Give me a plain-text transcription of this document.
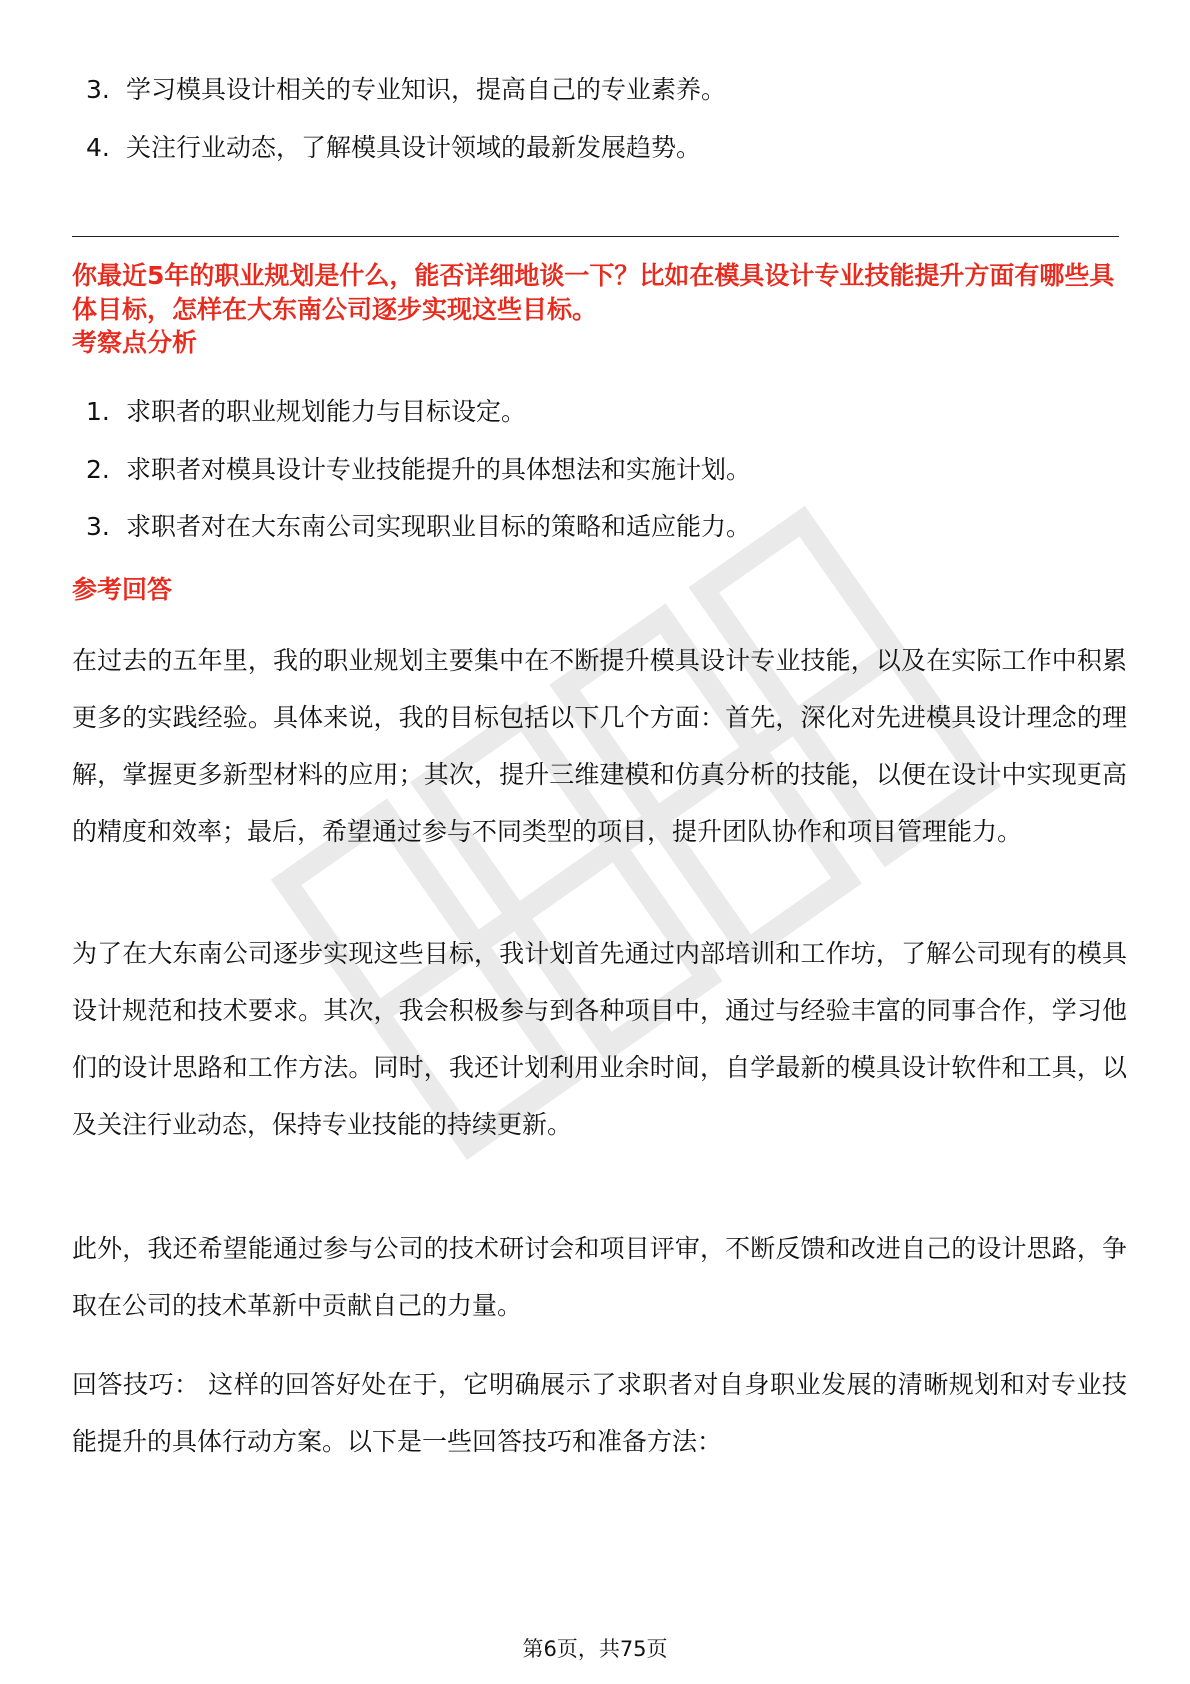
3. 学习模具设计相关的专业知识，提高自己的专业素养。
4. 关注行业动态，了解模具设计领域的最新发展趋势。

你最近5年的职业规划是什么，能否详细地谈一下？比如在模具设计专业技能提升方面有哪些具体目标，怎样在大东南公司逐步实现这些目标。

考察点分析

1. 求职者的职业规划能力与目标设定。
2. 求职者对模具设计专业技能提升的具体想法和实施计划。
3. 求职者对在大东南公司实现职业目标的策略和适应能力。

参考回答

在过去的五年里，我的职业规划主要集中在不断提升模具设计专业技能，以及在实际工作中积累更多的实践经验。具体来说，我的目标包括以下几个方面：首先，深化对先进模具设计理念的理解，掌握更多新型材料的应用；其次，提升三维建模和仿真分析的技能，以便在设计中实现更高的精度和效率；最后，希望通过参与不同类型的项目，提升团队协作和项目管理能力。

为了在大东南公司逐步实现这些目标，我计划首先通过内部培训和工作坊，了解公司现有的模具设计规范和技术要求。其次，我会积极参与到各种项目中，通过与经验丰富的同事合作，学习他们的设计思路和工作方法。同时，我还计划利用业余时间，自学最新的模具设计软件和工具，以及关注行业动态，保持专业技能的持续更新。

此外，我还希望能通过参与公司的技术研讨会和项目评审，不断反馈和改进自己的设计思路，争取在公司的技术革新中贡献自己的力量。

回答技巧： 这样的回答好处在于，它明确展示了求职者对自身职业发展的清晰规划和对专业技能提升的具体行动方案。以下是一些回答技巧和准备方法：

第6页，共75页
